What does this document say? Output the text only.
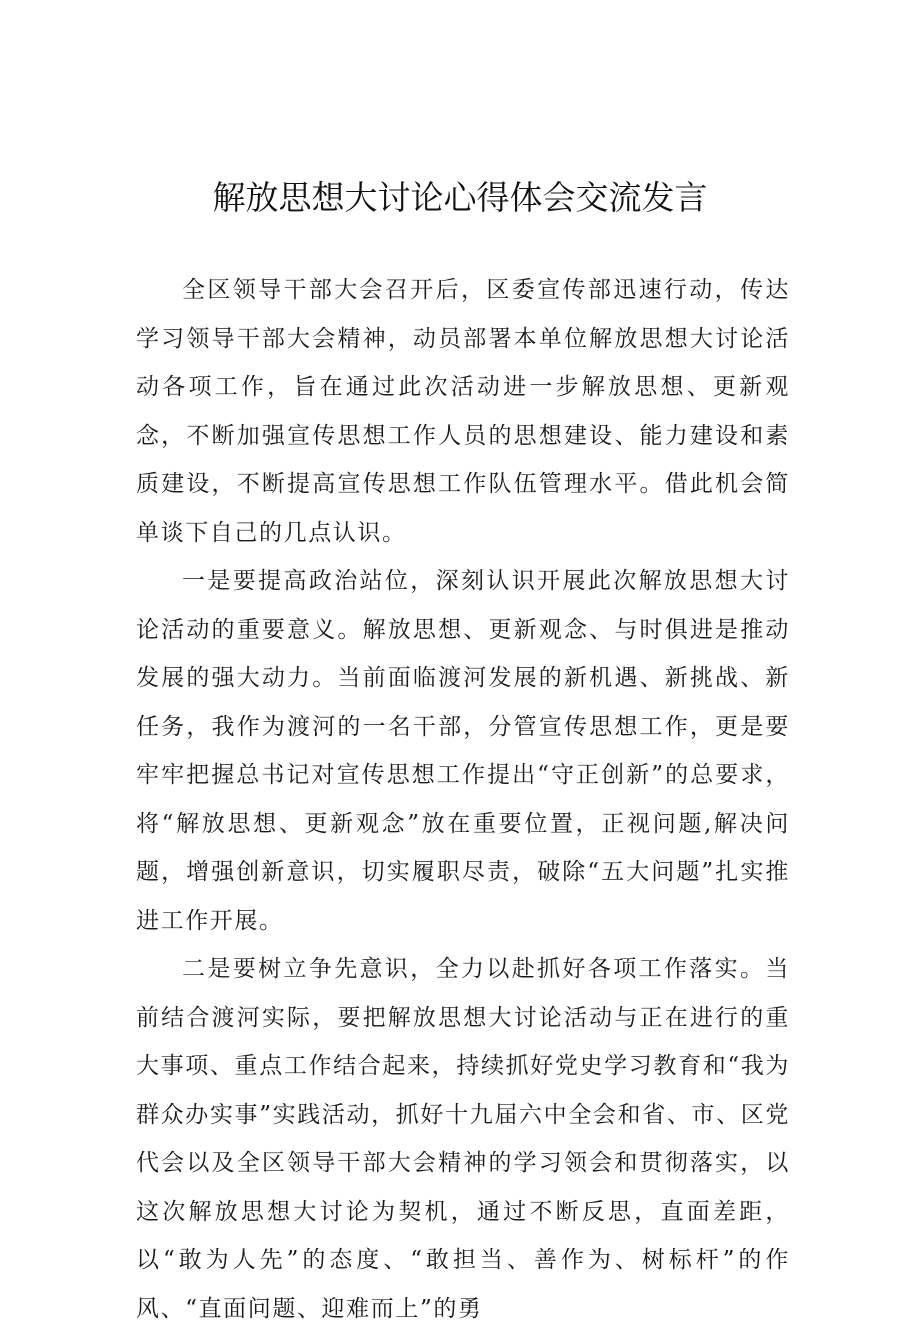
解放思想大讨论心得体会交流发言

全区领导干部大会召开后，区委宣传部迅速行动，传达学习领导干部大会精神，动员部署本单位解放思想大讨论活动各项工作，旨在通过此次活动进一步解放思想、更新观念，不断加强宣传思想工作人员的思想建设、能力建设和素质建设，不断提高宣传思想工作队伍管理水平。借此机会简单谈下自己的几点认识。

一是要提高政治站位，深刻认识开展此次解放思想大讨论活动的重要意义。解放思想、更新观念、与时俱进是推动发展的强大动力。当前面临渡河发展的新机遇、新挑战、新任务，我作为渡河的一名干部，分管宣传思想工作，更是要牢牢把握总书记对宣传思想工作提出“守正创新”的总要求，将“解放思想、更新观念”放在重要位置，正视问题,解决问题，增强创新意识，切实履职尽责，破除“五大问题”扎实推进工作开展。

二是要树立争先意识，全力以赴抓好各项工作落实。当前结合渡河实际，要把解放思想大讨论活动与正在进行的重大事项、重点工作结合起来，持续抓好党史学习教育和“我为群众办实事”实践活动，抓好十九届六中全会和省、市、区党代会以及全区领导干部大会精神的学习领会和贯彻落实，以这次解放思想大讨论为契机，通过不断反思，直面差距，以“敢为人先”的态度、“敢担当、善作为、树标杆”的作风、“直面问题、迎难而上”的勇
